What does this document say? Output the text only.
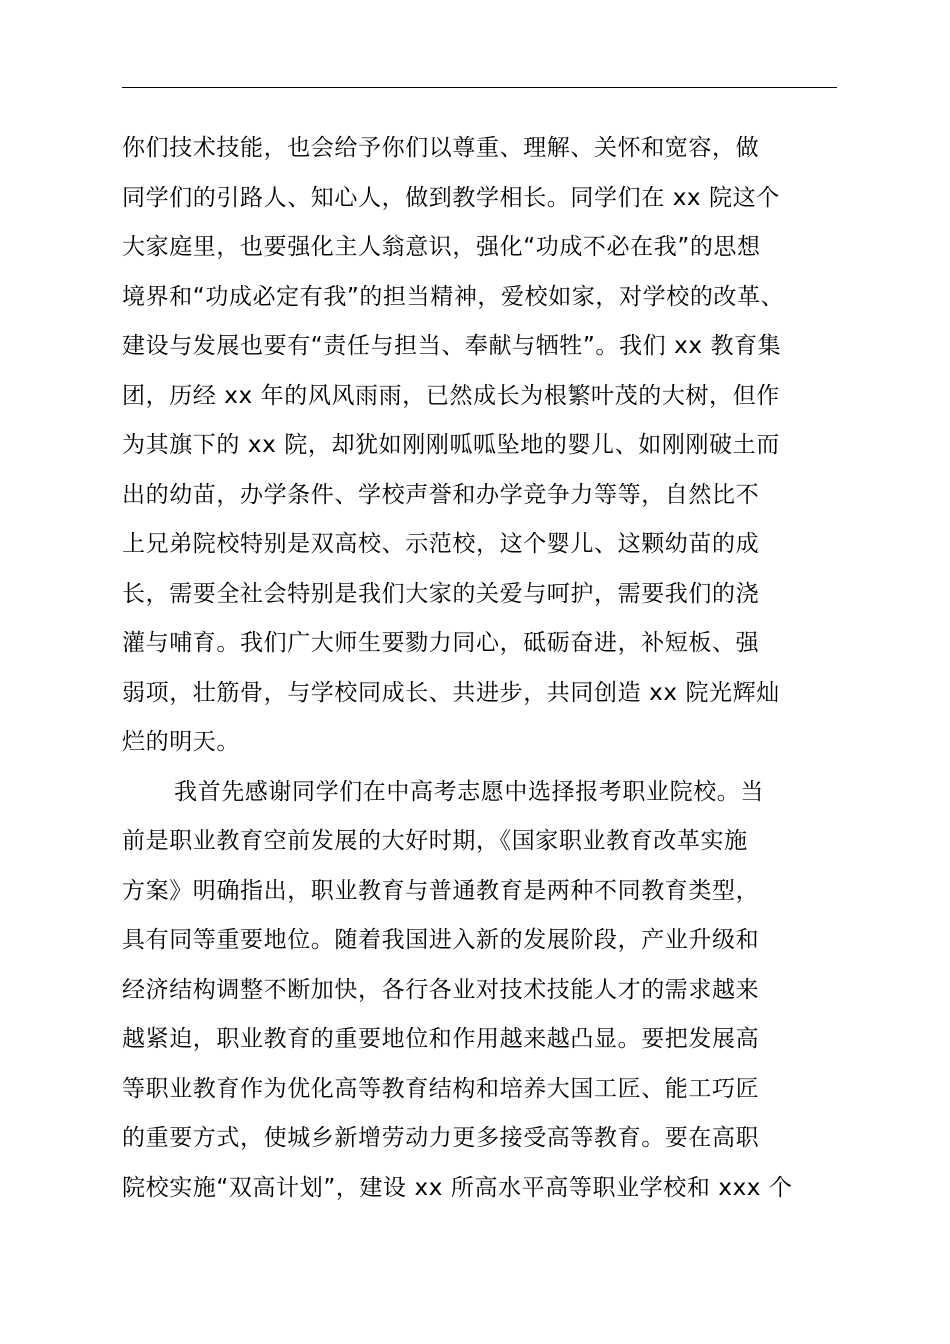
你们技术技能，也会给予你们以尊重、理解、关怀和宽容，做
同学们的引路人、知心人，做到教学相长。同学们在 xx 院这个
大家庭里，也要强化主人翁意识，强化“功成不必在我”的思想
境界和“功成必定有我”的担当精神，爱校如家，对学校的改革、
建设与发展也要有“责任与担当、奉献与牺牲”。我们 xx 教育集
团，历经 xx 年的风风雨雨，已然成长为根繁叶茂的大树，但作
为其旗下的 xx 院，却犹如刚刚呱呱坠地的婴儿、如刚刚破土而
出的幼苗，办学条件、学校声誉和办学竞争力等等，自然比不
上兄弟院校特别是双高校、示范校，这个婴儿、这颗幼苗的成
长，需要全社会特别是我们大家的关爱与呵护，需要我们的浇
灌与哺育。我们广大师生要勠力同心，砥砺奋进，补短板、强
弱项，壮筋骨，与学校同成长、共进步，共同创造 xx 院光辉灿
烂的明天。
我首先感谢同学们在中高考志愿中选择报考职业院校。当
前是职业教育空前发展的大好时期，《国家职业教育改革实施
方案》明确指出，职业教育与普通教育是两种不同教育类型，
具有同等重要地位。随着我国进入新的发展阶段，产业升级和
经济结构调整不断加快，各行各业对技术技能人才的需求越来
越紧迫，职业教育的重要地位和作用越来越凸显。要把发展高
等职业教育作为优化高等教育结构和培养大国工匠、能工巧匠
的重要方式，使城乡新增劳动力更多接受高等教育。要在高职
院校实施“双高计划”，建设 xx 所高水平高等职业学校和 xxx 个
